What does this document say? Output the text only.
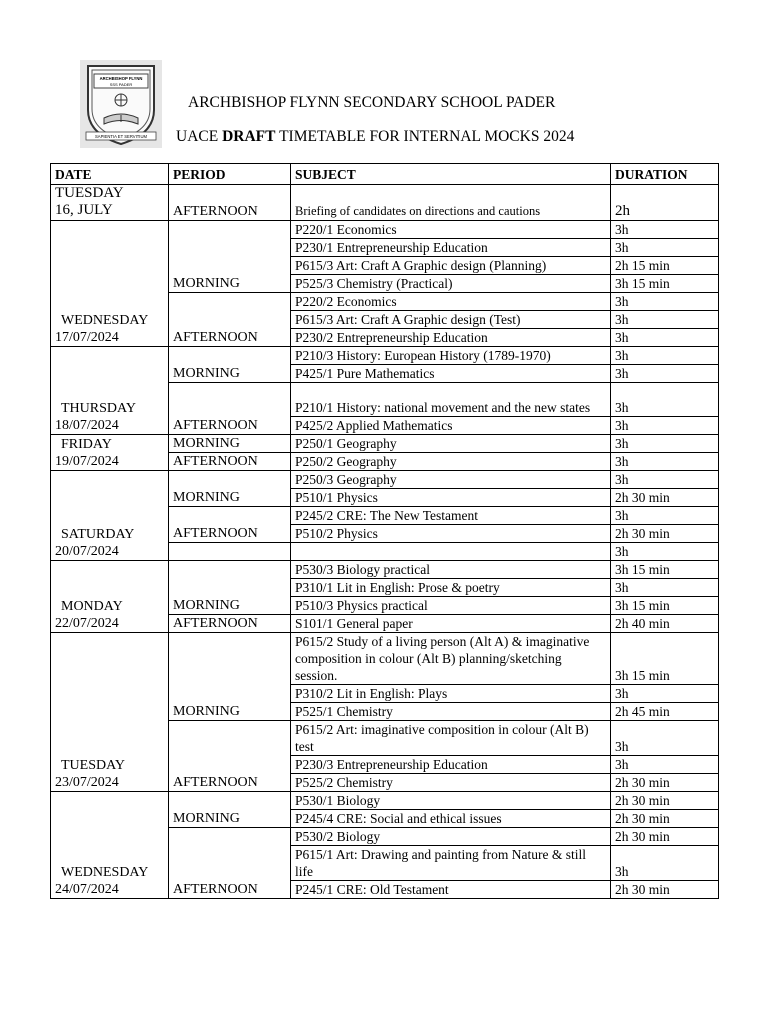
ARCHBISHOP FLYNN
SSS PADER
SAPIENTIA ET SERVITIUM
ARCHBISHOP FLYNN SECONDARY SCHOOL PADER
UACE DRAFT TIMETABLE FOR INTERNAL MOCKS 2024
DATE	PERIOD	SUBJECT	DURATION

TUESDAY
16, JULY	AFTERNOON	Briefing of candidates on directions and cautions	2h

WEDNESDAY
17/07/2024	MORNING	P220/1 Economics	3h
		P230/1 Entrepreneurship Education	3h
		P615/3 Art: Craft A Graphic design (Planning)	2h 15 min
		P525/3 Chemistry (Practical)	3h 15 min
	AFTERNOON	P220/2 Economics	3h
		P615/3 Art: Craft A Graphic design (Test)	3h
		P230/2 Entrepreneurship Education	3h

THURSDAY
18/07/2024	MORNING	P210/3 History: European History (1789-1970)	3h
		P425/1 Pure Mathematics	3h
	AFTERNOON	P210/1 History: national movement and the new states	3h
		P425/2 Applied Mathematics	3h

FRIDAY
19/07/2024	MORNING	P250/1 Geography	3h
	AFTERNOON	P250/2 Geography	3h

SATURDAY
20/07/2024	MORNING	P250/3 Geography	3h
		P510/1 Physics	2h 30 min
	AFTERNOON	P245/2 CRE: The New Testament	3h
		P510/2 Physics	2h 30 min
			3h

MONDAY
22/07/2024	MORNING	P530/3 Biology practical	3h 15 min
		P310/1 Lit in English: Prose & poetry	3h
		P510/3 Physics practical	3h 15 min
	AFTERNOON	S101/1 General paper	2h 40 min

TUESDAY
23/07/2024	MORNING	P615/2 Study of a living person (Alt A) & imaginative composition in colour (Alt B) planning/sketching session.	3h 15 min
		P310/2 Lit in English: Plays	3h
		P525/1 Chemistry	2h 45 min
	AFTERNOON	P615/2 Art: imaginative composition in colour (Alt B) test	3h
		P230/3 Entrepreneurship Education	3h
		P525/2 Chemistry	2h 30 min

WEDNESDAY
24/07/2024	MORNING	P530/1 Biology	2h 30 min
		P245/4 CRE: Social and ethical issues	2h 30 min
	AFTERNOON	P530/2 Biology	2h 30 min
		P615/1 Art: Drawing and painting from Nature & still life	3h
		P245/1 CRE: Old Testament	2h 30 min
